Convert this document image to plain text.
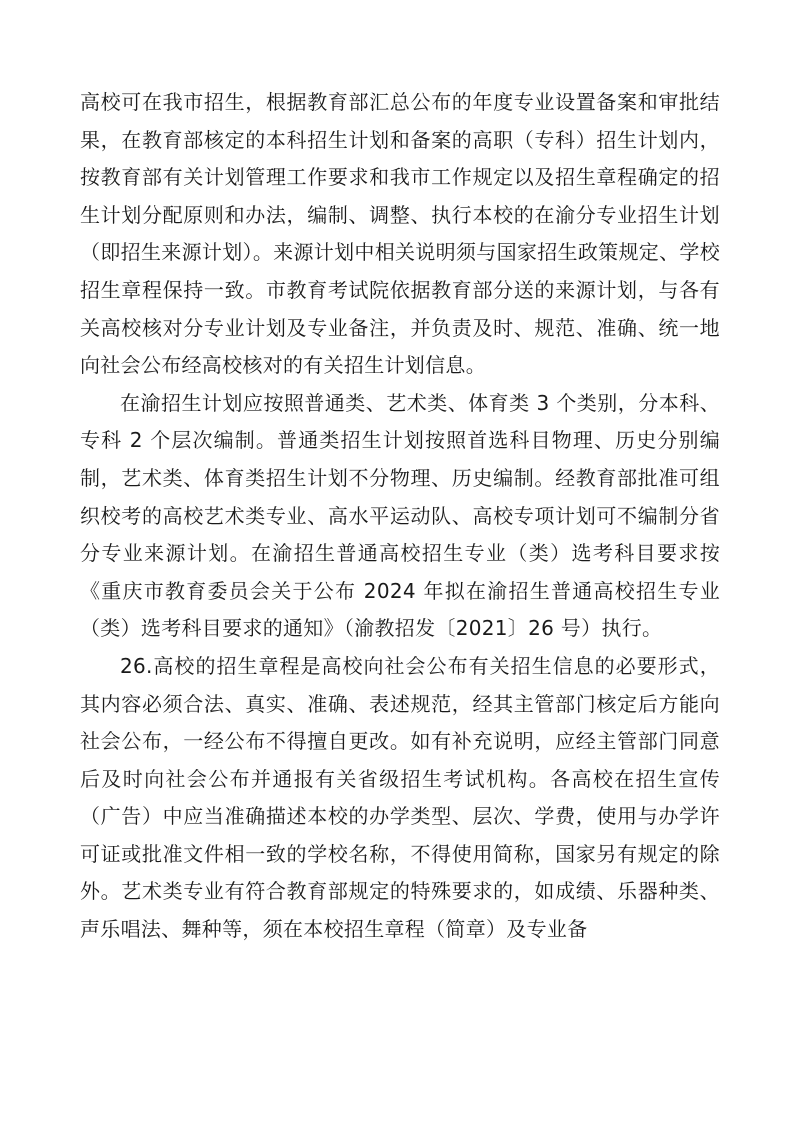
高校可在我市招生，根据教育部汇总公布的年度专业设置备案和审批结果，在教育部核定的本科招生计划和备案的高职（专科）招生计划内，按教育部有关计划管理工作要求和我市工作规定以及招生章程确定的招生计划分配原则和办法，编制、调整、执行本校的在渝分专业招生计划（即招生来源计划）。来源计划中相关说明须与国家招生政策规定、学校招生章程保持一致。市教育考试院依据教育部分送的来源计划，与各有关高校核对分专业计划及专业备注，并负责及时、规范、准确、统一地向社会公布经高校核对的有关招生计划信息。

在渝招生计划应按照普通类、艺术类、体育类 3 个类别，分本科、专科 2 个层次编制。普通类招生计划按照首选科目物理、历史分别编制，艺术类、体育类招生计划不分物理、历史编制。经教育部批准可组织校考的高校艺术类专业、高水平运动队、高校专项计划可不编制分省分专业来源计划。在渝招生普通高校招生专业（类）选考科目要求按《重庆市教育委员会关于公布 2024 年拟在渝招生普通高校招生专业（类）选考科目要求的通知》（渝教招发〔2021〕26 号）执行。

26.高校的招生章程是高校向社会公布有关招生信息的必要形式，其内容必须合法、真实、准确、表述规范，经其主管部门核定后方能向社会公布，一经公布不得擅自更改。如有补充说明，应经主管部门同意后及时向社会公布并通报有关省级招生考试机构。各高校在招生宣传（广告）中应当准确描述本校的办学类型、层次、学费，使用与办学许可证或批准文件相一致的学校名称，不得使用简称，国家另有规定的除外。艺术类专业有符合教育部规定的特殊要求的，如成绩、乐器种类、声乐唱法、舞种等，须在本校招生章程（简章）及专业备
